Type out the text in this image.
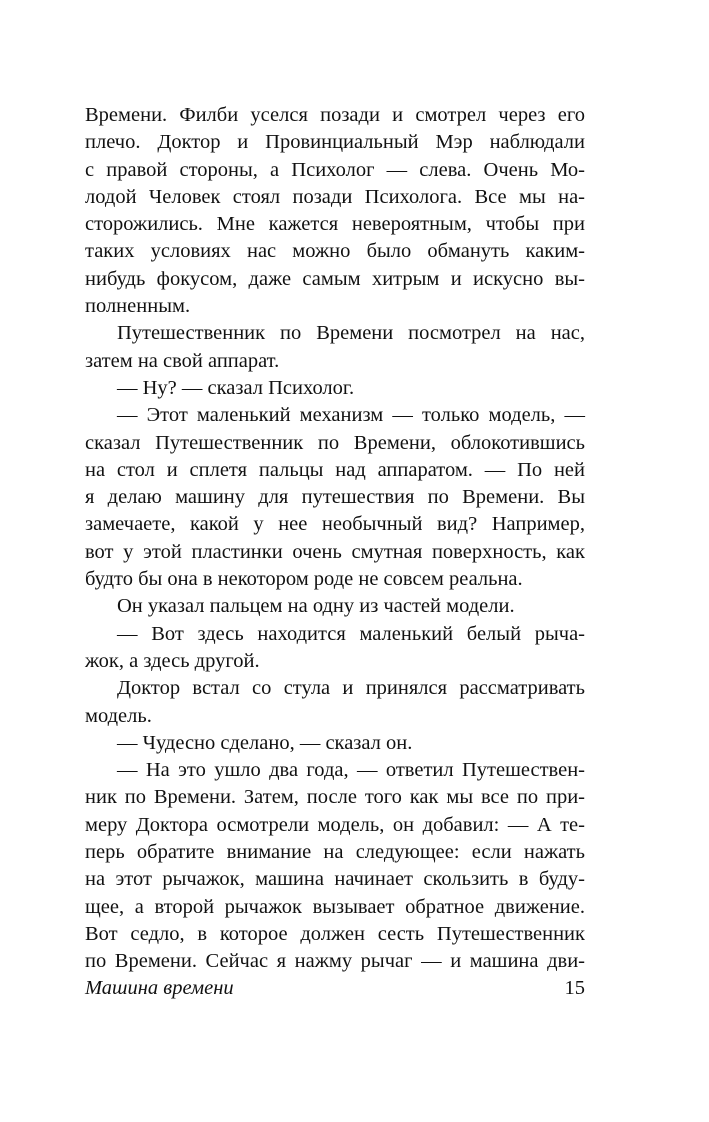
Времени. Филби уселся позади и смотрел через его
плечо. Доктор и Провинциальный Мэр наблюдали
с правой стороны, а Психолог — слева. Очень Мо-
лодой Человек стоял позади Психолога. Все мы на-
сторожились. Мне кажется невероятным, чтобы при
таких условиях нас можно было обмануть каким-
нибудь фокусом, даже самым хитрым и искусно вы-
полненным.
Путешественник по Времени посмотрел на нас,
затем на свой аппарат.
— Ну? — сказал Психолог.
— Этот маленький механизм — только модель, —
сказал Путешественник по Времени, облокотившись
на стол и сплетя пальцы над аппаратом. — По ней
я делаю машину для путешествия по Времени. Вы
замечаете, какой у нее необычный вид? Например,
вот у этой пластинки очень смутная поверхность, как
будто бы она в некотором роде не совсем реальна.
Он указал пальцем на одну из частей модели.
— Вот здесь находится маленький белый рыча-
жок, а здесь другой.
Доктор встал со стула и принялся рассматривать
модель.
— Чудесно сделано, — сказал он.
— На это ушло два года, — ответил Путешествен-
ник по Времени. Затем, после того как мы все по при-
меру Доктора осмотрели модель, он добавил: — А те-
перь обратите внимание на следующее: если нажать
на этот рычажок, машина начинает скользить в буду-
щее, а второй рычажок вызывает обратное движение.
Вот седло, в которое должен сесть Путешественник
по Времени. Сейчас я нажму рычаг — и машина дви-
Машина времени	15
